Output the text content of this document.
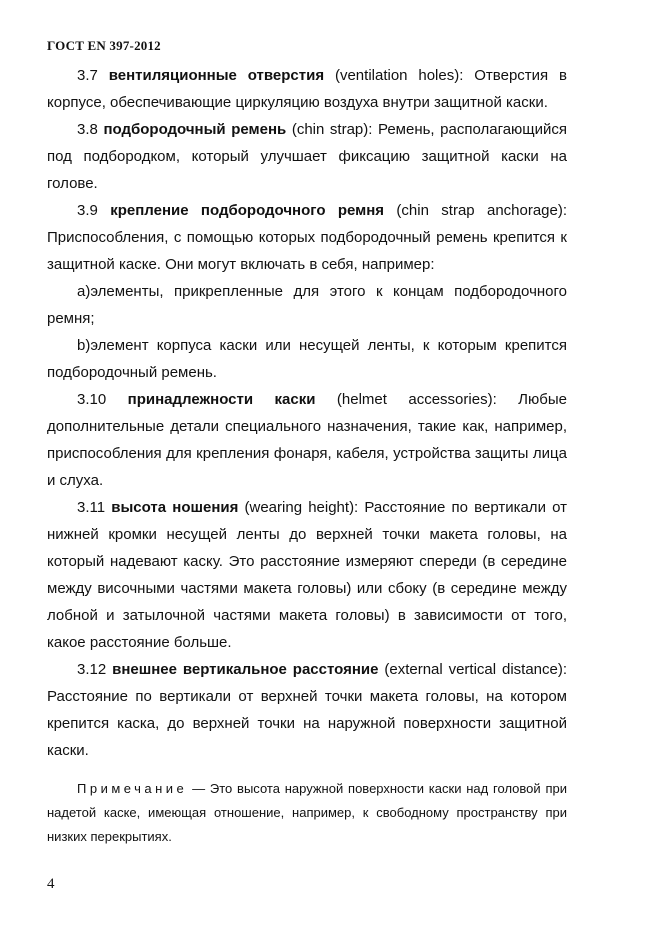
ГОСТ EN 397-2012

3.7 вентиляционные отверстия (ventilation holes): Отверстия в корпусе, обеспечивающие циркуляцию воздуха внутри защитной каски.

3.8 подбородочный ремень (chin strap): Ремень, располагающийся под подбородком, который улучшает фиксацию защитной каски на голове.

3.9 крепление подбородочного ремня (chin strap anchorage): Приспособления, с помощью которых подбородочный ремень крепится к защитной каске. Они могут включать в себя, например:

a)элементы, прикрепленные для этого к концам подбородочного ремня;

b)элемент корпуса каски или несущей ленты, к которым крепится подбородочный ремень.

3.10 принадлежности каски (helmet accessories): Любые дополнительные детали специального назначения, такие как, например, приспособления для крепления фонаря, кабеля, устройства защиты лица и слуха.

3.11 высота ношения (wearing height): Расстояние по вертикали от нижней кромки несущей ленты до верхней точки макета головы, на который надевают каску. Это расстояние измеряют спереди (в середине между височными частями макета головы) или сбоку (в середине между лобной и затылочной частями макета головы) в зависимости от того, какое расстояние больше.

3.12 внешнее вертикальное расстояние (external vertical distance): Расстояние по вертикали от верхней точки макета головы, на котором крепится каска, до верхней точки на наружной поверхности защитной каски.

Примечание — Это высота наружной поверхности каски над головой при надетой каске, имеющая отношение, например, к свободному пространству при низких перекрытиях.

4
